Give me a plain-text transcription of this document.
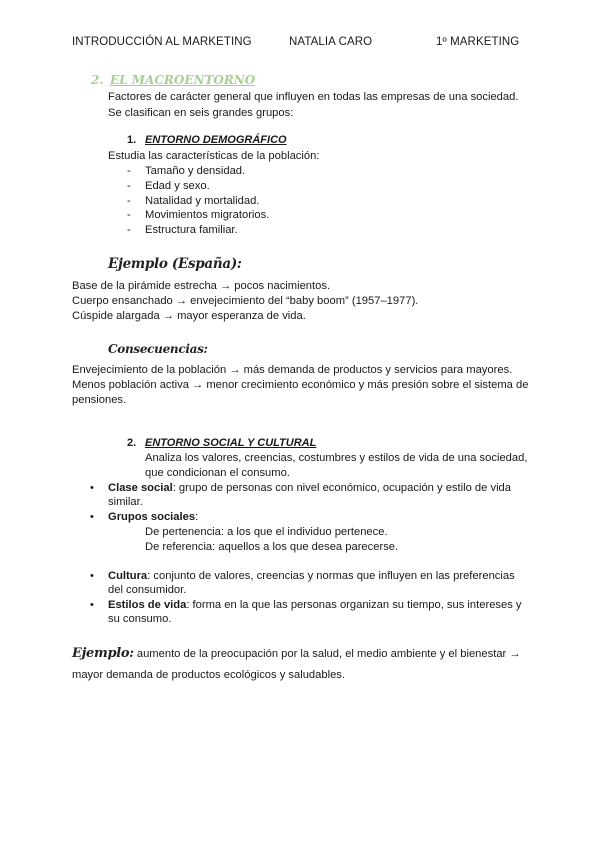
INTRODUCCIÓN AL MARKETING	NATALIA CARO	1º MARKETING
2. EL MACROENTORNO
Factores de carácter general que influyen en todas las empresas de una sociedad.
Se clasifican en seis grandes grupos:
1. ENTORNO DEMOGRÁFICO
Estudia las características de la población:
- Tamaño y densidad.
- Edad y sexo.
- Natalidad y mortalidad.
- Movimientos migratorios.
- Estructura familiar.
Ejemplo (España):
Base de la pirámide estrecha → pocos nacimientos.
Cuerpo ensanchado → envejecimiento del “baby boom” (1957–1977).
Cúspide alargada → mayor esperanza de vida.
Consecuencias:
Envejecimiento de la población → más demanda de productos y servicios para mayores.
Menos población activa → menor crecimiento económico y más presión sobre el sistema de
pensiones.
2. ENTORNO SOCIAL Y CULTURAL
Analiza los valores, creencias, costumbres y estilos de vida de una sociedad,
que condicionan el consumo.
• Clase social: grupo de personas con nivel económico, ocupación y estilo de vida
similar.
• Grupos sociales:
De pertenencia: a los que el individuo pertenece.
De referencia: aquellos a los que desea parecerse.
• Cultura: conjunto de valores, creencias y normas que influyen en las preferencias
del consumidor.
• Estilos de vida: forma en la que las personas organizan su tiempo, sus intereses y
su consumo.
Ejemplo: aumento de la preocupación por la salud, el medio ambiente y el bienestar →
mayor demanda de productos ecológicos y saludables.
